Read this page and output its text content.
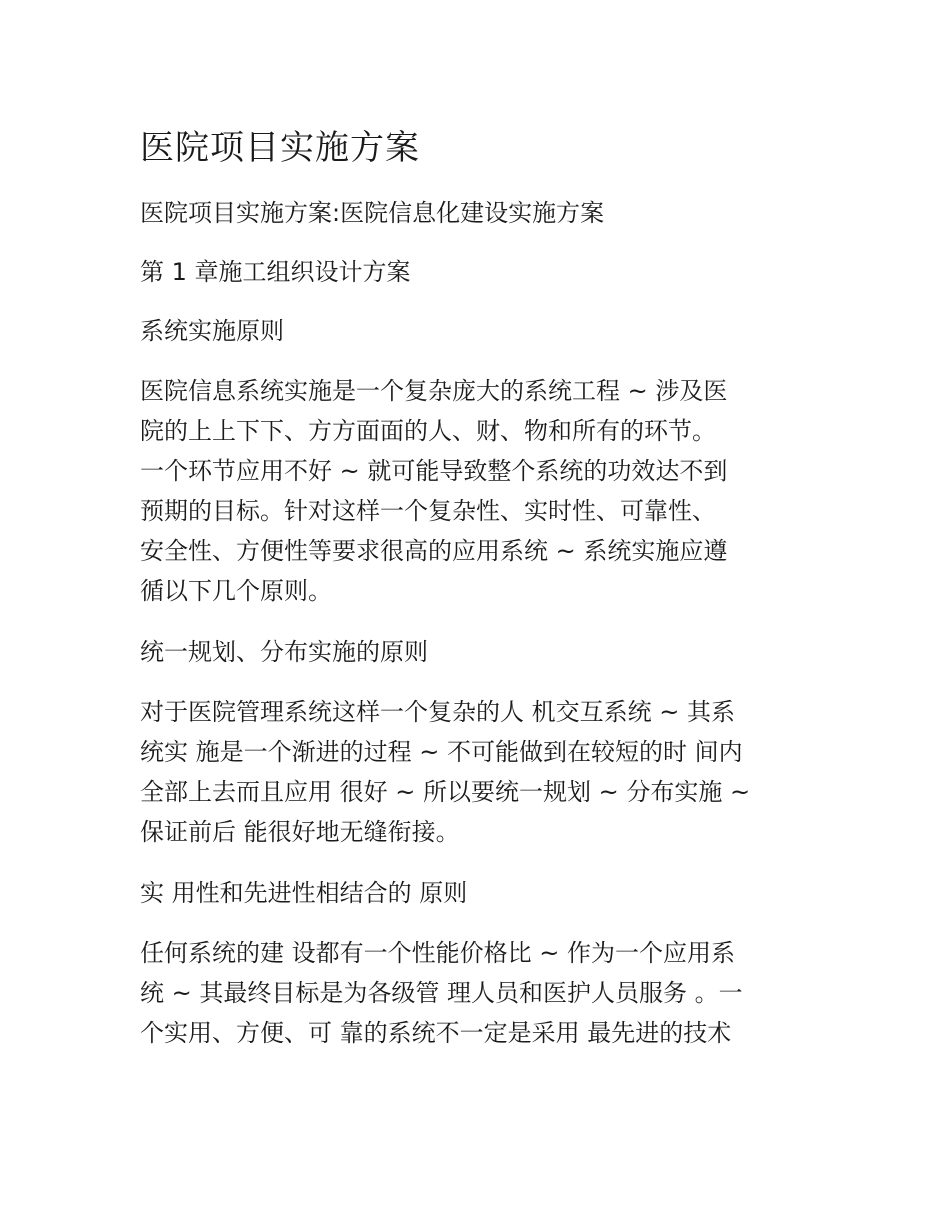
医院项目实施方案

医院项目实施方案:医院信息化建设实施方案

第 1 章施工组织设计方案

系统实施原则

医院信息系统实施是一个复杂庞大的系统工程 ~ 涉及医
院的上上下下、方方面面的人、财、物和所有的环节。
一个环节应用不好 ~ 就可能导致整个系统的功效达不到
预期的目标。针对这样一个复杂性、实时性、可靠性、
安全性、方便性等要求很高的应用系统 ~ 系统实施应遵
循以下几个原则。

统一规划、分布实施的原则

对于医院管理系统这样一个复杂的人 机交互系统 ~ 其系
统实 施是一个渐进的过程 ~ 不可能做到在较短的时 间内
全部上去而且应用 很好 ~ 所以要统一规划 ~ 分布实施 ~
保证前后 能很好地无缝衔接。

实 用性和先进性相结合的 原则

任何系统的建 设都有一个性能价格比 ~ 作为一个应用系
统 ~ 其最终目标是为各级管 理人员和医护人员服务 。一
个实用、方便、可 靠的系统不一定是采用 最先进的技术
